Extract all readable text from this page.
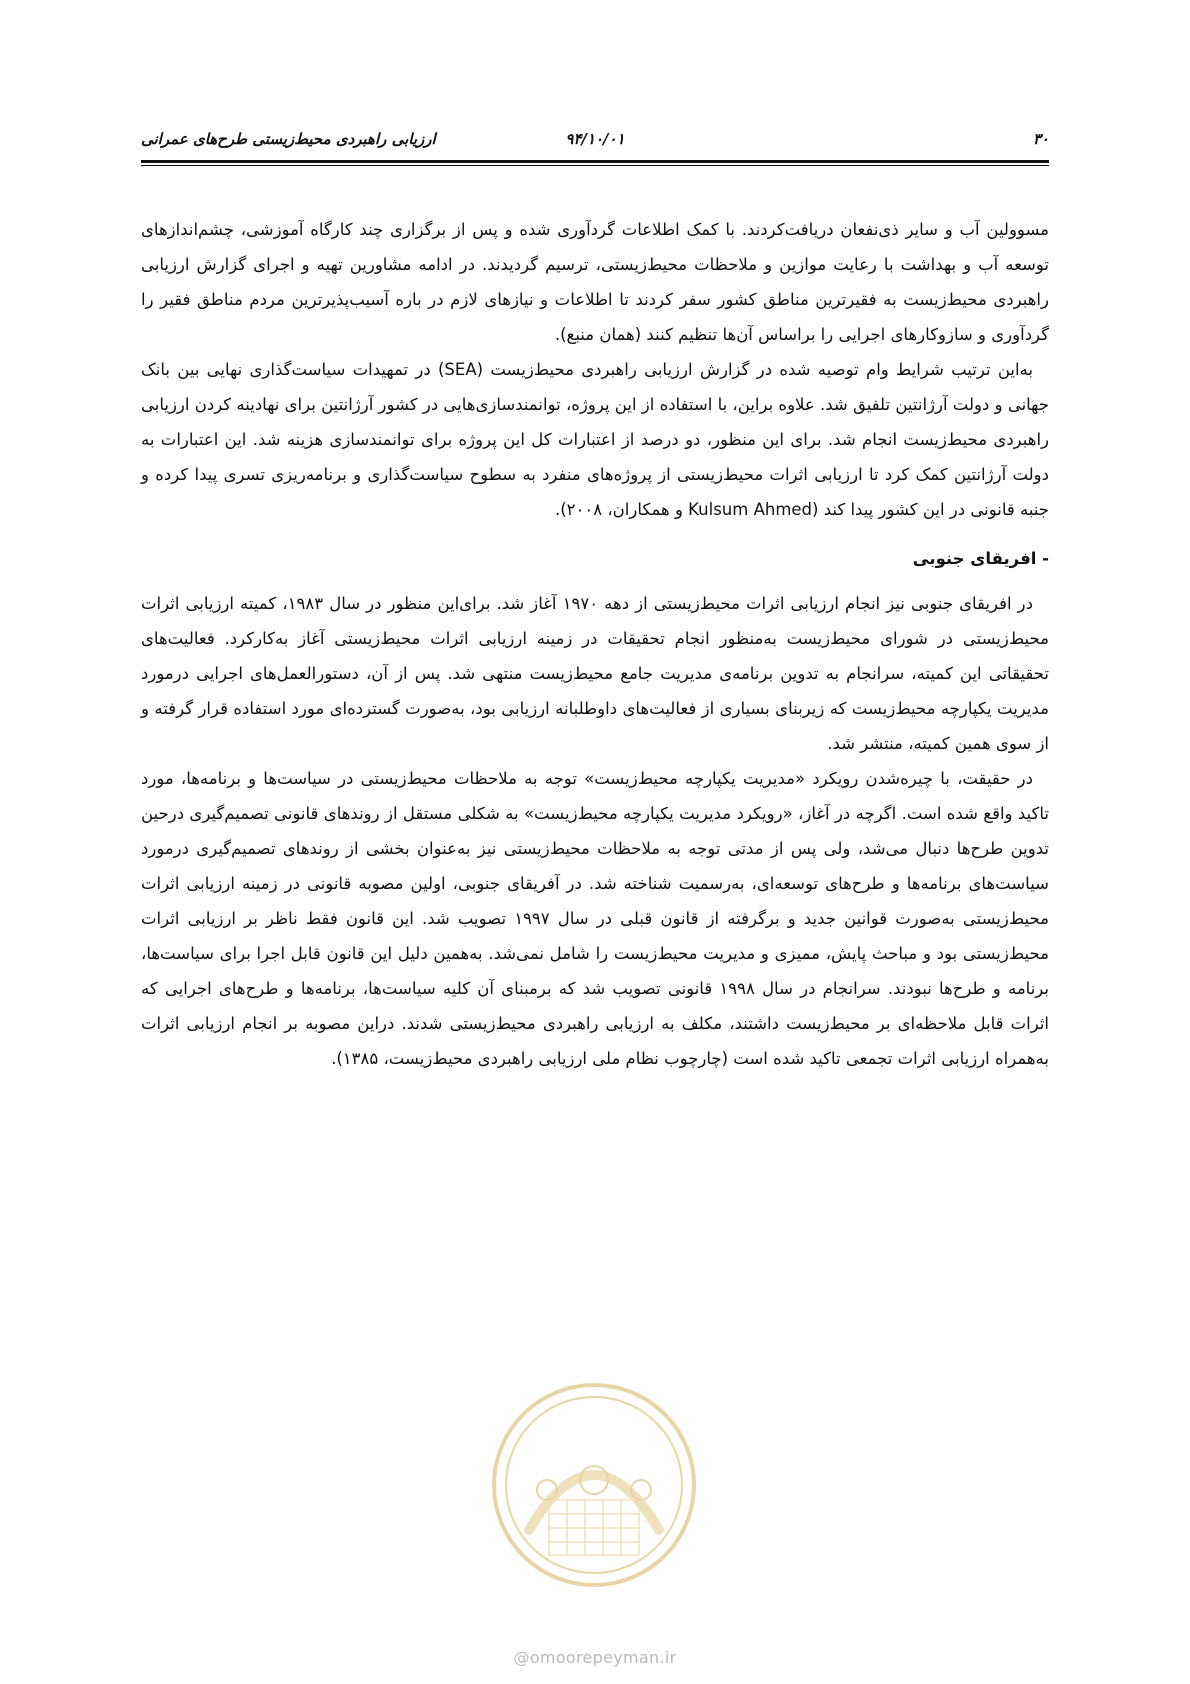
۳۰
۹۴/۱۰/۰۱
ارزیابی راهبردی محیط‌زیستی طرح‌های عمرانی

مسوولین آب و سایر ذی‌نفعان دریافت‌کردند. با کمک اطلاعات گردآوری شده و پس از برگزاری چند کارگاه آموزشی، چشم‌اندازهای توسعه آب و بهداشت با رعایت موازین و ملاحظات محیط‌زیستی، ترسیم گردیدند. در ادامه مشاورین تهیه و اجرای گزارش ارزیابی راهبردی محیط‌زیست به فقیرترین مناطق کشور سفر کردند تا اطلاعات و نیازهای لازم در باره آسیب‌پذیرترین مردم مناطق فقیر را گردآوری و سازوکارهای اجرایی را براساس آن‌ها تنظیم کنند (همان منبع).

به‌این ترتیب شرایط وام توصیه شده در گزارش ارزیابی راهبردی محیط‌زیست (SEA) در تمهیدات سیاست‌گذاری نهایی بین بانک جهانی و دولت آرژانتین تلفیق شد. علاوه براین، با استفاده از این پروژه، توانمندسازی‌هایی در کشور آرژانتین برای نهادینه کردن ارزیابی راهبردی محیط‌زیست انجام شد. برای این منظور، دو درصد از اعتبارات کل این پروژه برای توانمندسازی هزینه شد. این اعتبارات به دولت آرژانتین کمک کرد تا ارزیابی اثرات محیط‌زیستی از پروژه‌های منفرد به سطوح سیاست‌گذاری و برنامه‌ریزی تسری پیدا کرده و جنبه قانونی در این کشور پیدا کند (Kulsum Ahmed و همکاران، ۲۰۰۸).

- افریقای جنوبی

در افریقای جنوبی نیز انجام ارزیابی اثرات محیط‌زیستی از دهه ۱۹۷۰ آغاز شد. برای‌این منظور در سال ۱۹۸۳، کمیته ارزیابی اثرات محیط‌زیستی در شورای محیط‌زیست به‌منظور انجام تحقیقات در زمینه ارزیابی اثرات محیط‌زیستی آغاز به‌کارکرد. فعالیت‌های تحقیقاتی این کمیته، سرانجام به تدوین برنامه‌ی مدیریت جامع محیط‌زیست منتهی شد. پس از آن، دستورالعمل‌های اجرایی درمورد مدیریت یکپارچه محیط‌زیست که زیربنای بسیاری از فعالیت‌های داوطلبانه ارزیابی بود، به‌صورت گسترده‌ای مورد استفاده قرار گرفته و از سوی همین کمیته، منتشر شد.

در حقیقت، با چیره‌شدن رویکرد «مدیریت یکپارچه محیط‌زیست» توجه به ملاحظات محیط‌زیستی در سیاست‌ها و برنامه‌ها، مورد تاکید واقع شده است. اگرچه در آغاز، «رویکرد مدیریت یکپارچه محیط‌زیست» به شکلی مستقل از روندهای قانونی تصمیم‌گیری درحین تدوین طرح‌ها دنبال می‌شد، ولی پس از مدتی توجه به ملاحظات محیط‌زیستی نیز به‌عنوان بخشی از روندهای تصمیم‌گیری درمورد سیاست‌های برنامه‌ها و طرح‌های توسعه‌ای، به‌رسمیت شناخته شد. در آفریقای جنوبی، اولین مصوبه قانونی در زمینه ارزیابی اثرات محیط‌زیستی به‌صورت قوانین جدید و برگرفته از قانون قبلی در سال ۱۹۹۷ تصویب شد. این قانون فقط ناظر بر ارزیابی اثرات محیط‌زیستی بود و مباحث پایش، ممیزی و مدیریت محیط‌زیست را شامل نمی‌شد. به‌همین دلیل این قانون قابل اجرا برای سیاست‌ها، برنامه و طرح‌ها نبودند. سرانجام در سال ۱۹۹۸ قانونی تصویب شد که برمبنای آن کلیه سیاست‌ها، برنامه‌ها و طرح‌های اجرایی که اثرات قابل ملاحظه‌ای بر محیط‌زیست داشتند، مکلف به ارزیابی راهبردی محیط‌زیستی شدند. دراین مصوبه بر انجام ارزیابی اثرات به‌همراه ارزیابی اثرات تجمعی تاکید شده است (چارچوب نظام ملی ارزیابی راهبردی محیط‌زیست، ۱۳۸۵).

@omoorepeyman.ir
